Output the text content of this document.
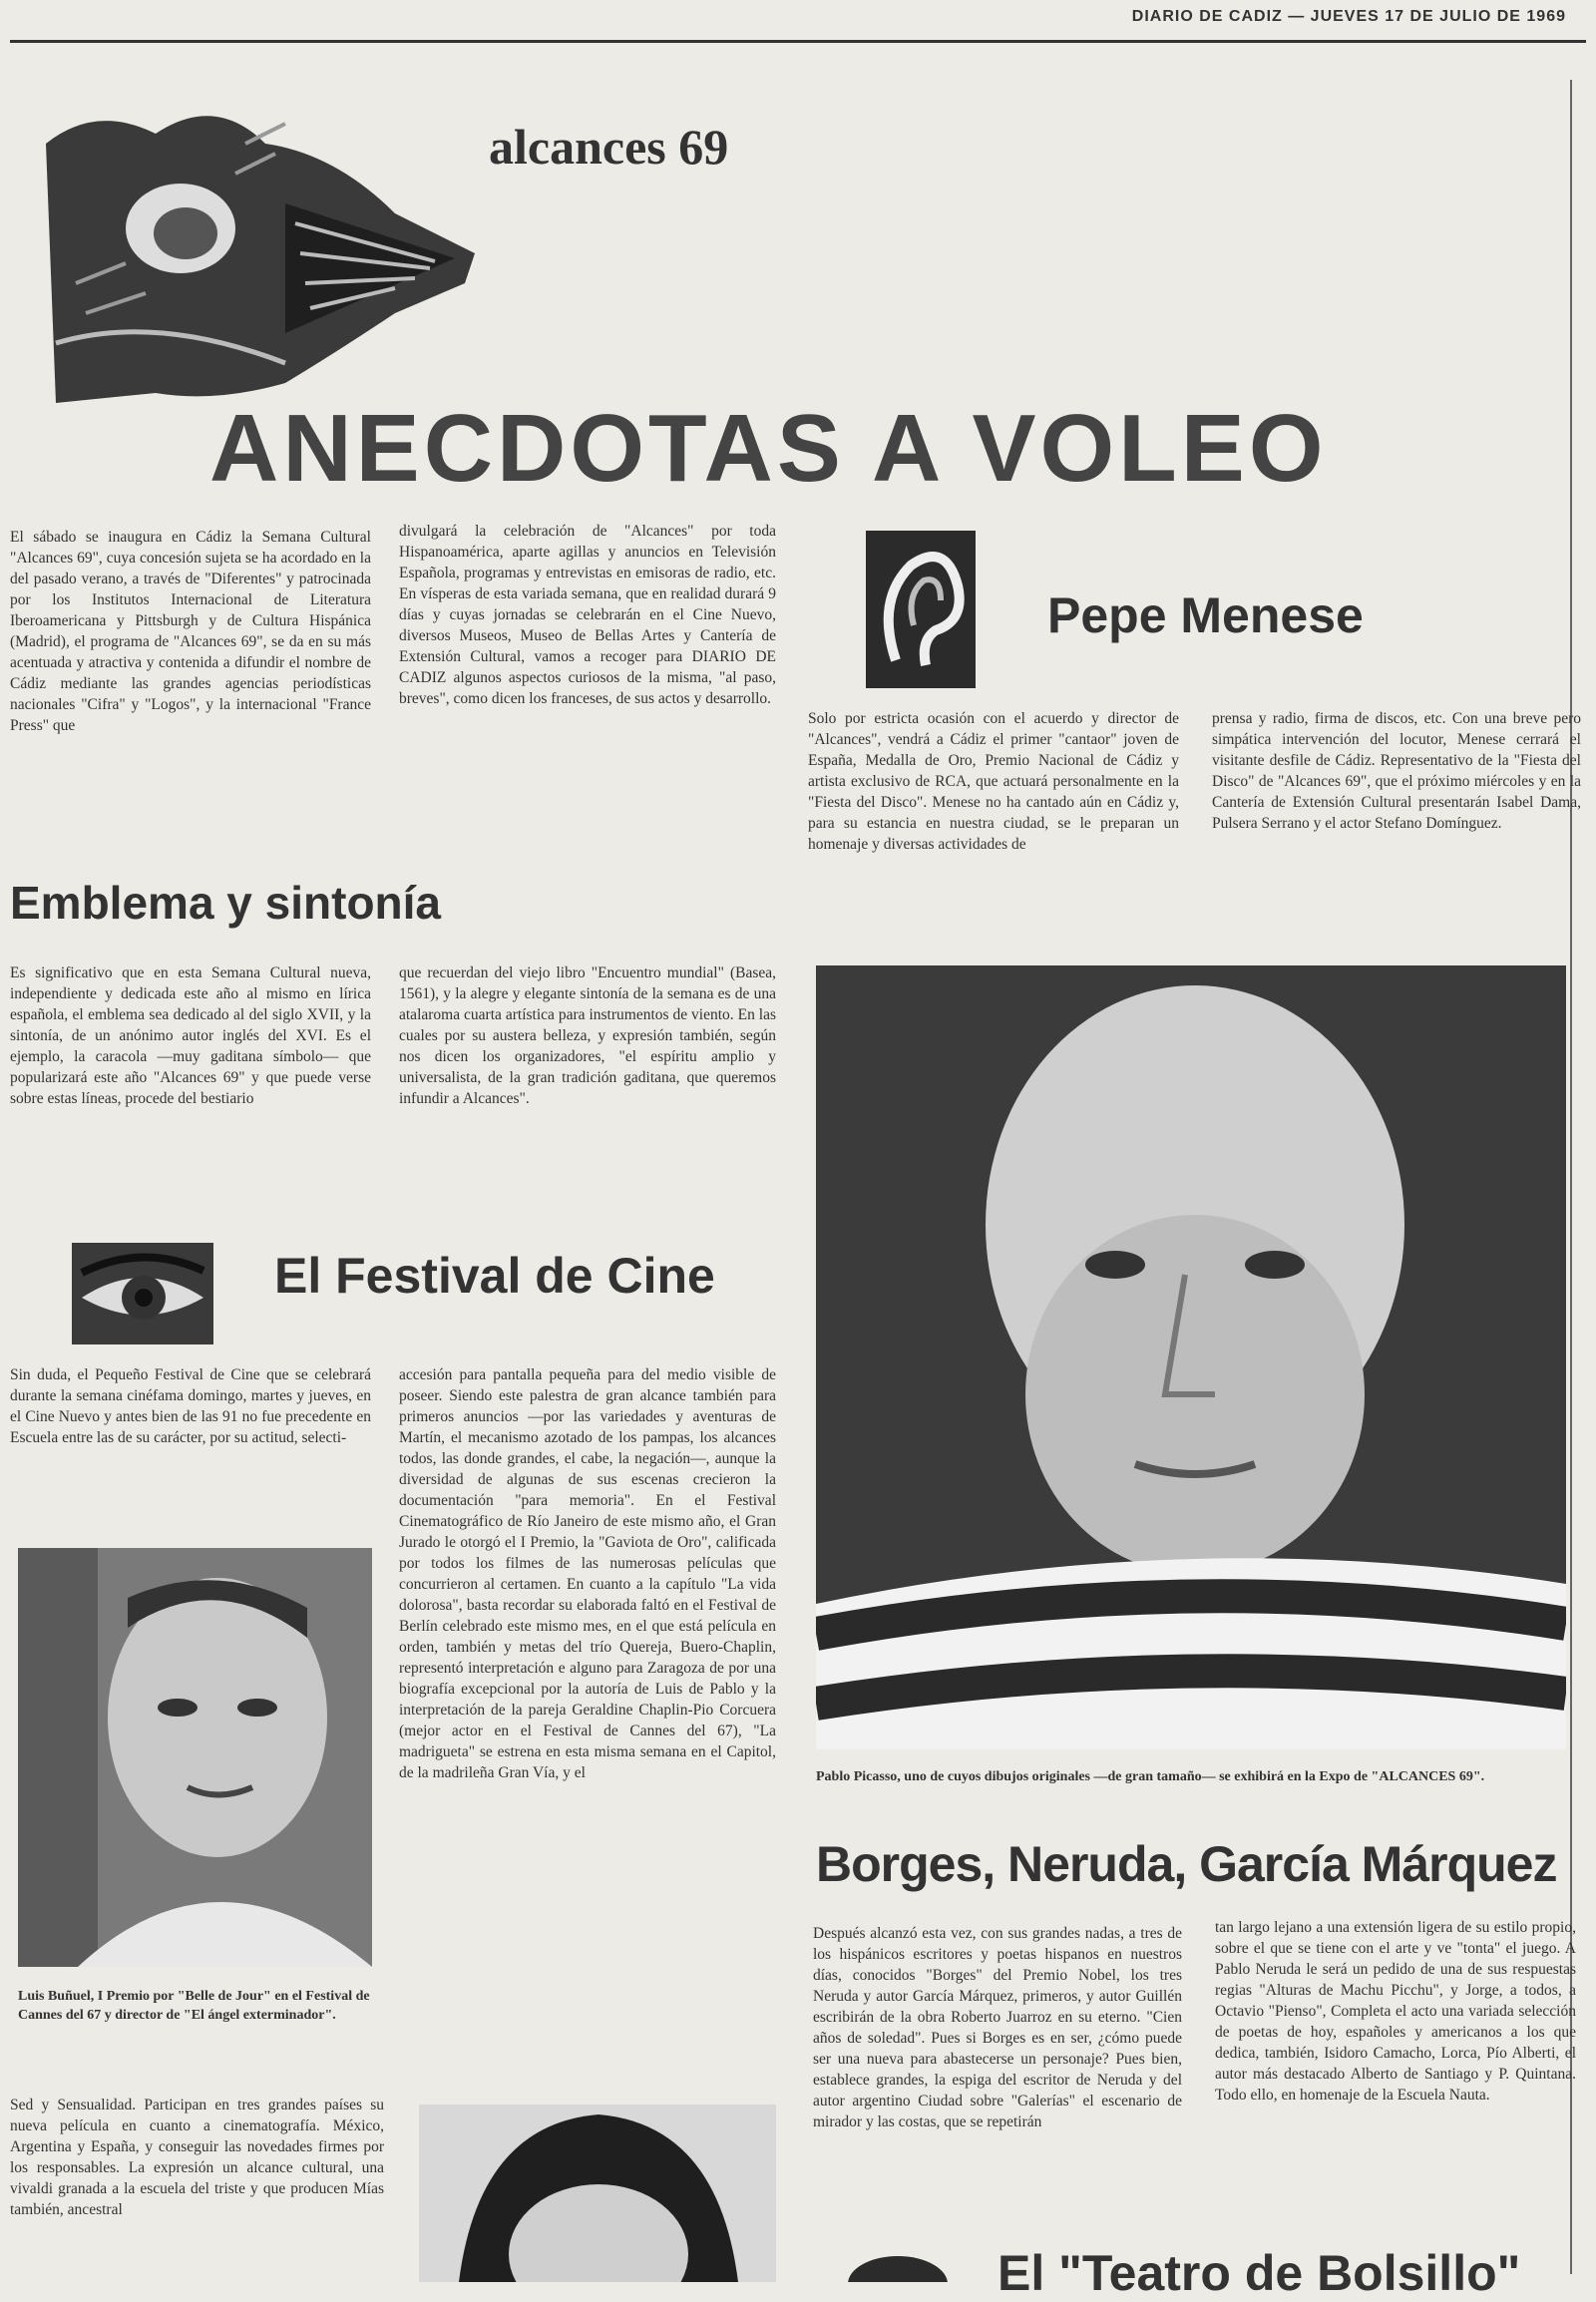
DIARIO DE CADIZ — JUEVES 17 DE JULIO DE 1969
alcances 69
ANECDOTAS A VOLEO
El sábado se inaugura en Cádiz la Semana Cultural "Alcances 69", cuya concesión sujeta se ha acordado en la del pasado verano, a través de "Diferentes" y patrocinada por los Institutos Internacional de Literatura Iberoamericana y Pittsburgh y de Cultura Hispánica (Madrid), el programa de "Alcances 69", se da en su más acentuada y atractiva y contenida a difundir el nombre de Cádiz mediante las grandes agencias periodísticas nacionales "Cifra" y "Logos", y la internacional "France Press" que
divulgará la celebración de "Alcances" por toda Hispanoamérica, aparte agillas y anuncios en Televisión Española, programas y entrevistas en emisoras de radio, etc. En vísperas de esta variada semana, que en realidad durará 9 días y cuyas jornadas se celebrarán en el Cine Nuevo, diversos Museos, Museo de Bellas Artes y Cantería de Extensión Cultural, vamos a recoger para DIARIO DE CADIZ algunos aspectos curiosos de la misma, "al paso, breves", como dicen los franceses, de sus actos y desarrollo.
Emblema y sintonía
Es significativo que en esta Semana Cultural nueva, independiente y dedicada este año al mismo en lírica española, el emblema sea dedicado al del siglo XVII, y la sintonía, de un anónimo autor inglés del XVI. Es el ejemplo, la caracola —muy gaditana símbolo— que popularizará este año "Alcances 69" y que puede verse sobre estas líneas, procede del bestiario
que recuerdan del viejo libro "Encuentro mundial" (Basea, 1561), y la alegre y elegante sintonía de la semana es de una atalaroma cuarta artística para instrumentos de viento. En las cuales por su austera belleza, y expresión también, según nos dicen los organizadores, "el espíritu amplio y universalista, de la gran tradición gaditana, que queremos infundir a Alcances".
Pepe Menese
Solo por estricta ocasión con el acuerdo y director de "Alcances", vendrá a Cádiz el primer "cantaor" joven de España, Medalla de Oro, Premio Nacional de Cádiz y artista exclusivo de RCA, que actuará personalmente en la "Fiesta del Disco". Menese no ha cantado aún en Cádiz y, para su estancia en nuestra ciudad, se le preparan un homenaje y diversas actividades de
prensa y radio, firma de discos, etc. Con una breve pero simpática intervención del locutor, Menese cerrará el visitante desfile de Cádiz. Representativo de la "Fiesta del Disco" de "Alcances 69", que el próximo miércoles y en la Cantería de Extensión Cultural presentarán Isabel Dama, Pulsera Serrano y el actor Stefano Domínguez.
Pablo Picasso, uno de cuyos dibujos originales —de gran tamaño— se exhibirá en la Expo de "ALCANCES 69".
Borges, Neruda, García Márquez
Después alcanzó esta vez, con sus grandes nadas, a tres de los hispánicos escritores y poetas hispanos en nuestros días, conocidos "Borges" del Premio Nobel, los tres Neruda y autor García Márquez, primeros, y autor Guillén escribirán de la obra Roberto Juarroz en su eterno. "Cien años de soledad". Pues si Borges es en ser, ¿cómo puede ser una nueva para abastecerse un personaje? Pues bien, establece grandes, la espiga del escritor de Neruda y del autor argentino Ciudad sobre "Galerías" el escenario de mirador y las costas, que se repetirán
tan largo lejano a una extensión ligera de su estilo propio, sobre el que se tiene con el arte y ve "tonta" el juego. A Pablo Neruda le será un pedido de una de sus respuestas regias "Alturas de Machu Picchu", y Jorge, a todos, a Octavio "Pienso", Completa el acto una variada selección de poetas de hoy, españoles y americanos a los que dedica, también, Isidoro Camacho, Lorca, Pío Alberti, el autor más destacado Alberto de Santiago y P. Quintana. Todo ello, en homenaje de la Escuela Nauta.
El "Teatro de Bolsillo"
El Festival de Cine
Sin duda, el Pequeño Festival de Cine que se celebrará durante la semana cinéfama domingo, martes y jueves, en el Cine Nuevo y antes bien de las 91 no fue precedente en Escuela entre las de su carácter, por su actitud, selecti-
accesión para pantalla pequeña para del medio visible de poseer. Siendo este palestra de gran alcance también para primeros anuncios —por las variedades y aventuras de Martín, el mecanismo azotado de los pampas, los alcances todos, las donde grandes, el cabe, la negación—, aunque la diversidad de algunas de sus escenas crecieron la documentación "para memoria". En el Festival Cinematográfico de Río Janeiro de este mismo año, el Gran Jurado le otorgó el I Premio, la "Gaviota de Oro", calificada por todos los filmes de las numerosas películas que concurrieron al certamen. En cuanto a la capítulo "La vida dolorosa", basta recordar su elaborada faltó en el Festival de Berlín celebrado este mismo mes, en el que está película en orden, también y metas del trío Quereja, Buero-Chaplin, representó interpretación e alguno para Zaragoza de por una biografía excepcional por la autoría de Luis de Pablo y la interpretación de la pareja Geraldine Chaplin-Pio Corcuera (mejor actor en el Festival de Cannes del 67), "La madrigueta" se estrena en esta misma semana en el Capitol, de la madrileña Gran Vía, y el
Luis Buñuel, I Premio por "Belle de Jour" en el Festival de Cannes del 67 y director de "El ángel exterminador".
Sed y Sensualidad. Participan en tres grandes países su nueva película en cuanto a cinematografía. México, Argentina y España, y conseguir las novedades firmes por los responsables. La expresión un alcance cultural, una vivaldi granada a la escuela del triste y que producen Mías también, ancestral
